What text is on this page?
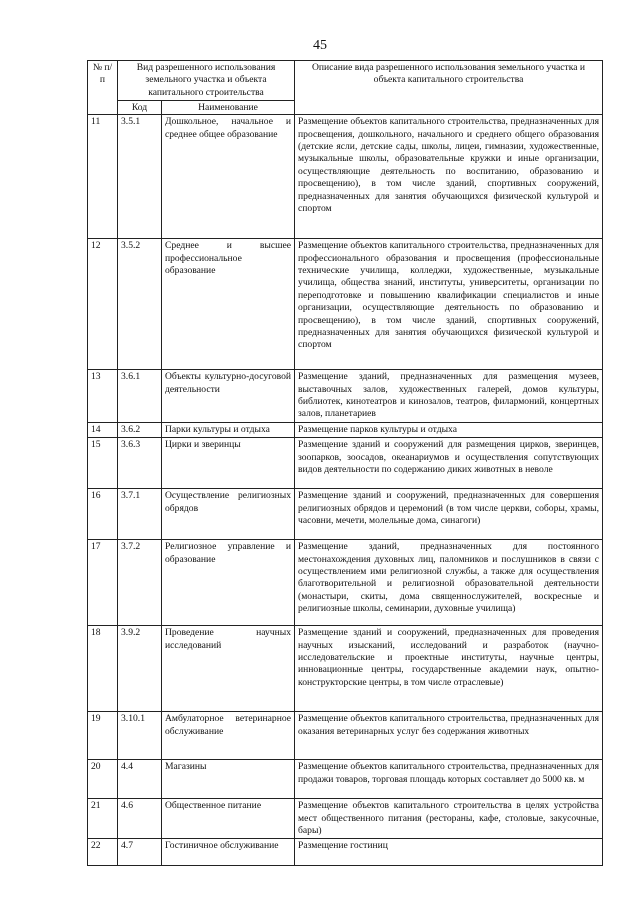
45
№ п/п	Вид разрешенного использования земельного участка и объекта капитального строительства		Описание вида разрешенного использования земельного участка и объекта капитального строительства
	Код	Наименование	
11	3.5.1	Дошкольное, начальное и среднее общее образование	Размещение объектов капитального строительства, предназначенных для просвещения, дошкольного, начального и среднего общего образования (детские ясли, детские сады, школы, лицеи, гимназии, художественные, музыкальные школы, образовательные кружки и иные организации, осуществляющие деятельность по воспитанию, образованию и просвещению), в том числе зданий, спортивных сооружений, предназначенных для занятия обучающихся физической культурой и спортом
12	3.5.2	Среднее и высшее профессиональное образование	Размещение объектов капитального строительства, предназначенных для профессионального образования и просвещения (профессиональные технические училища, колледжи, художественные, музыкальные училища, общества знаний, институты, университеты, организации по переподготовке и повышению квалификации специалистов и иные организации, осуществляющие деятельность по образованию и просвещению), в том числе зданий, спортивных сооружений, предназначенных для занятия обучающихся физической культурой и спортом
13	3.6.1	Объекты культурно-досуговой деятельности	Размещение зданий, предназначенных для размещения музеев, выставочных залов, художественных галерей, домов культуры, библиотек, кинотеатров и кинозалов, театров, филармоний, концертных залов, планетариев
14	3.6.2	Парки культуры и отдыха	Размещение парков культуры и отдыха
15	3.6.3	Цирки и зверинцы	Размещение зданий и сооружений для размещения цирков, зверинцев, зоопарков, зоосадов, океанариумов и осуществления сопутствующих видов деятельности по содержанию диких животных в неволе
16	3.7.1	Осуществление религиозных обрядов	Размещение зданий и сооружений, предназначенных для совершения религиозных обрядов и церемоний (в том числе церкви, соборы, храмы, часовни, мечети, молельные дома, синагоги)
17	3.7.2	Религиозное управление и образование	Размещение зданий, предназначенных для постоянного местонахождения духовных лиц, паломников и послушников в связи с осуществлением ими религиозной службы, а также для осуществления благотворительной и религиозной образовательной деятельности (монастыри, скиты, дома священнослужителей, воскресные и религиозные школы, семинарии, духовные училища)
18	3.9.2	Проведение научных исследований	Размещение зданий и сооружений, предназначенных для проведения научных изысканий, исследований и разработок (научно-исследовательские и проектные институты, научные центры, инновационные центры, государственные академии наук, опытно-конструкторские центры, в том числе отраслевые)
19	3.10.1	Амбулаторное ветеринарное обслуживание	Размещение объектов капитального строительства, предназначенных для оказания ветеринарных услуг без содержания животных
20	4.4	Магазины	Размещение объектов капитального строительства, предназначенных для продажи товаров, торговая площадь которых составляет до 5000 кв. м
21	4.6	Общественное питание	Размещение объектов капитального строительства в целях устройства мест общественного питания (рестораны, кафе, столовые, закусочные, бары)
22	4.7	Гостиничное обслуживание	Размещение гостиниц
